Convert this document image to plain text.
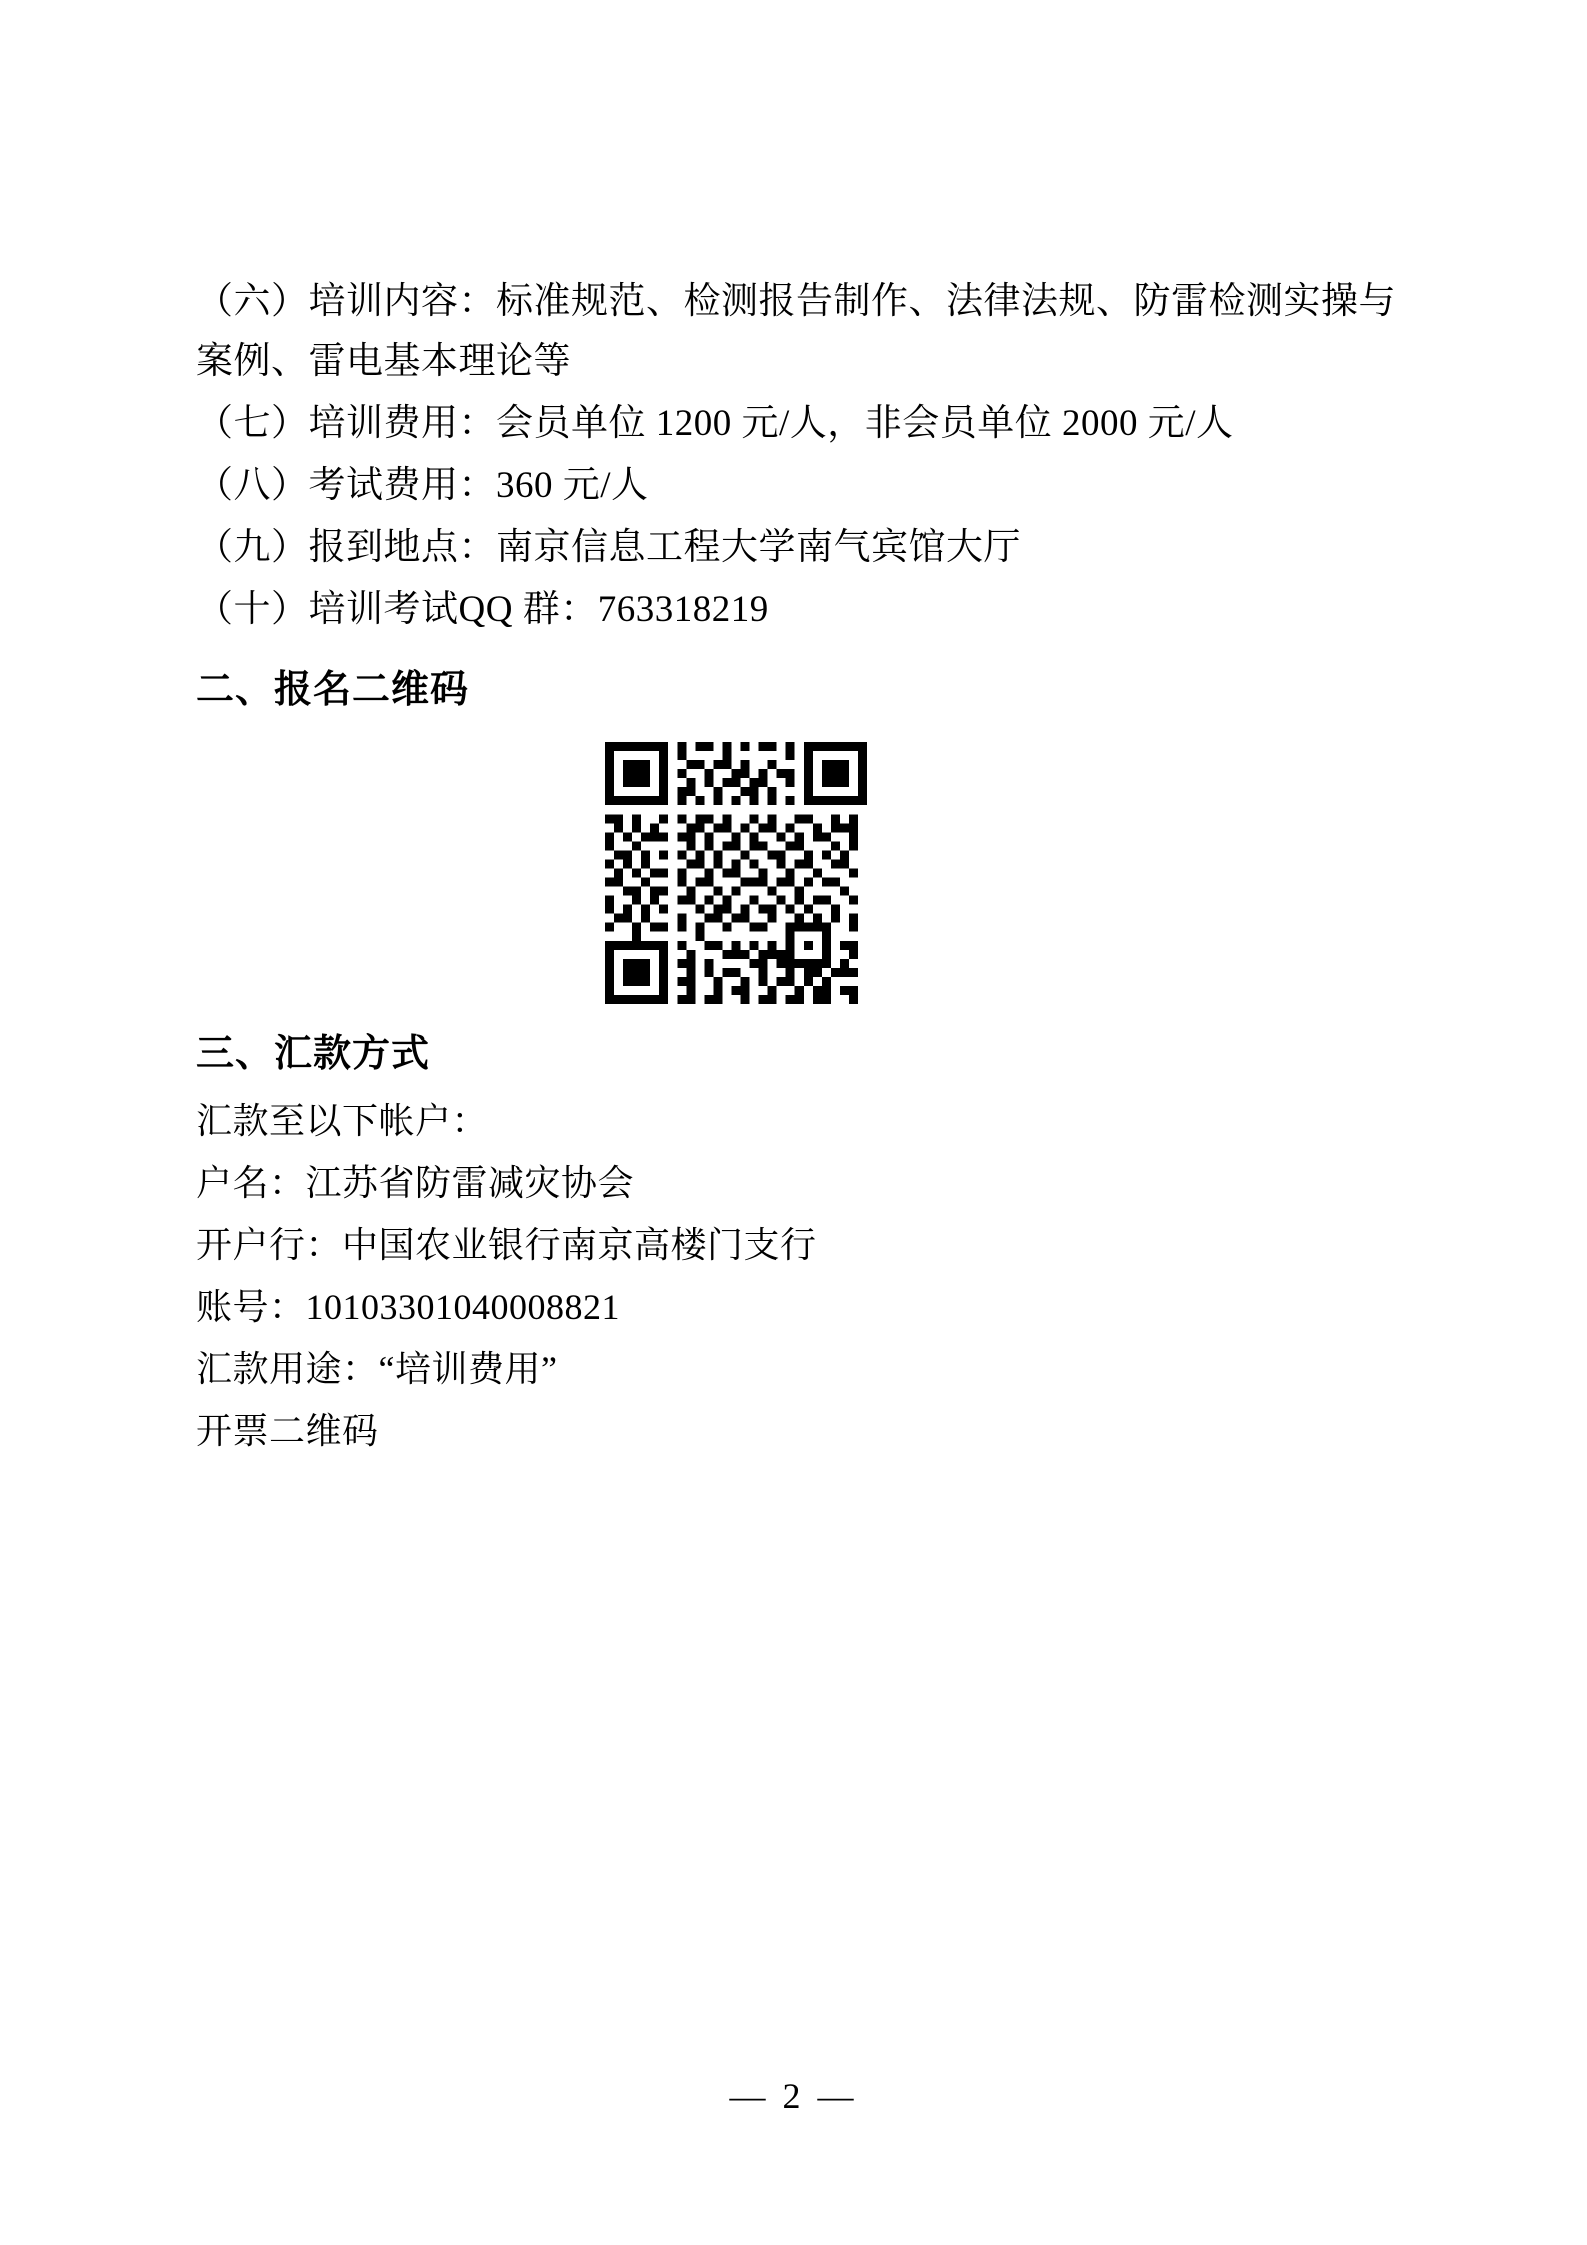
（六）培训内容：标准规范、检测报告制作、法律法规、防雷检测实操与案例、雷电基本理论等

（七）培训费用：会员单位 1200 元/人，非会员单位 2000 元/人

（八）考试费用：360 元/人

（九）报到地点：南京信息工程大学南气宾馆大厅

（十）培训考试QQ 群：763318219

二、报名二维码
三、汇款方式

汇款至以下帐户：

户名：江苏省防雷减灾协会

开户行：中国农业银行南京高楼门支行

账号：10103301040008821

汇款用途：“培训费用”

开票二维码

— 2 —
